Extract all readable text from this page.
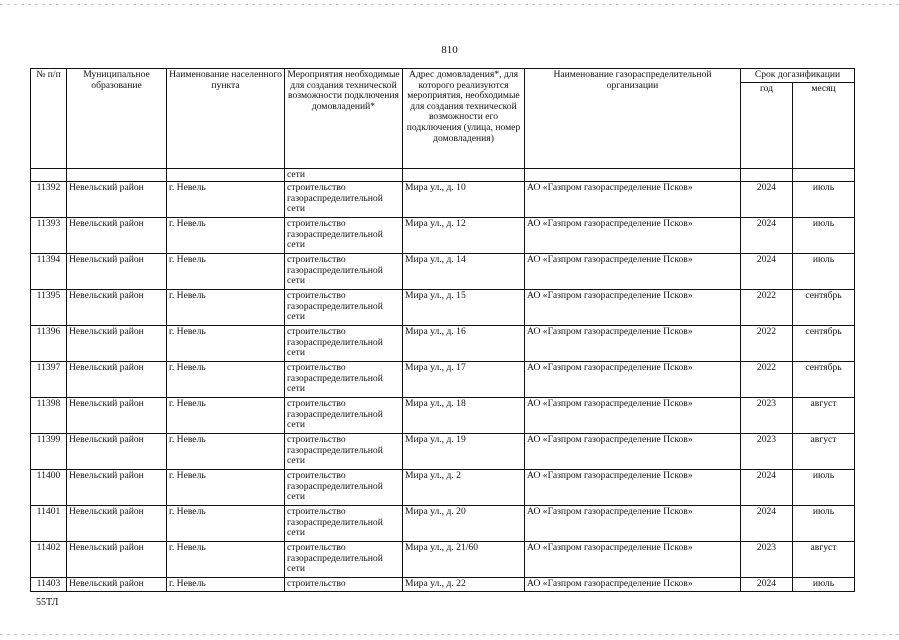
810
№ п/п	Муниципальное образование	Наименование населенного пункта	Мероприятия необходимые для создания технической возможности подключения домовладений*	Адрес домовладения*, для которого реализуются мероприятия, необходимые для создания технической возможности его подключения (улица, номер домовладения)	Наименование газораспределительной организации	Срок догазификации	
						год	месяц
			сети				
11392	Невельский район	г. Невель	строительство газораспределительной сети	Мира ул., д. 10	АО «Газпром газораспределение Псков»	2024	июль
11393	Невельский район	г. Невель	строительство газораспределительной сети	Мира ул., д. 12	АО «Газпром газораспределение Псков»	2024	июль
11394	Невельский район	г. Невель	строительство газораспределительной сети	Мира ул., д. 14	АО «Газпром газораспределение Псков»	2024	июль
11395	Невельский район	г. Невель	строительство газораспределительной сети	Мира ул., д. 15	АО «Газпром газораспределение Псков»	2022	сентябрь
11396	Невельский район	г. Невель	строительство газораспределительной сети	Мира ул., д. 16	АО «Газпром газораспределение Псков»	2022	сентябрь
11397	Невельский район	г. Невель	строительство газораспределительной сети	Мира ул., д. 17	АО «Газпром газораспределение Псков»	2022	сентябрь
11398	Невельский район	г. Невель	строительство газораспределительной сети	Мира ул., д. 18	АО «Газпром газораспределение Псков»	2023	август
11399	Невельский район	г. Невель	строительство газораспределительной сети	Мира ул., д. 19	АО «Газпром газораспределение Псков»	2023	август
11400	Невельский район	г. Невель	строительство газораспределительной сети	Мира ул., д. 2	АО «Газпром газораспределение Псков»	2024	июль
11401	Невельский район	г. Невель	строительство газораспределительной сети	Мира ул., д. 20	АО «Газпром газораспределение Псков»	2024	июль
11402	Невельский район	г. Невель	строительство газораспределительной сети	Мира ул., д. 21/60	АО «Газпром газораспределение Псков»	2023	август
11403	Невельский район	г. Невель	строительство	Мира ул., д. 22	АО «Газпром газораспределение Псков»	2024	июль
55ТЛ
